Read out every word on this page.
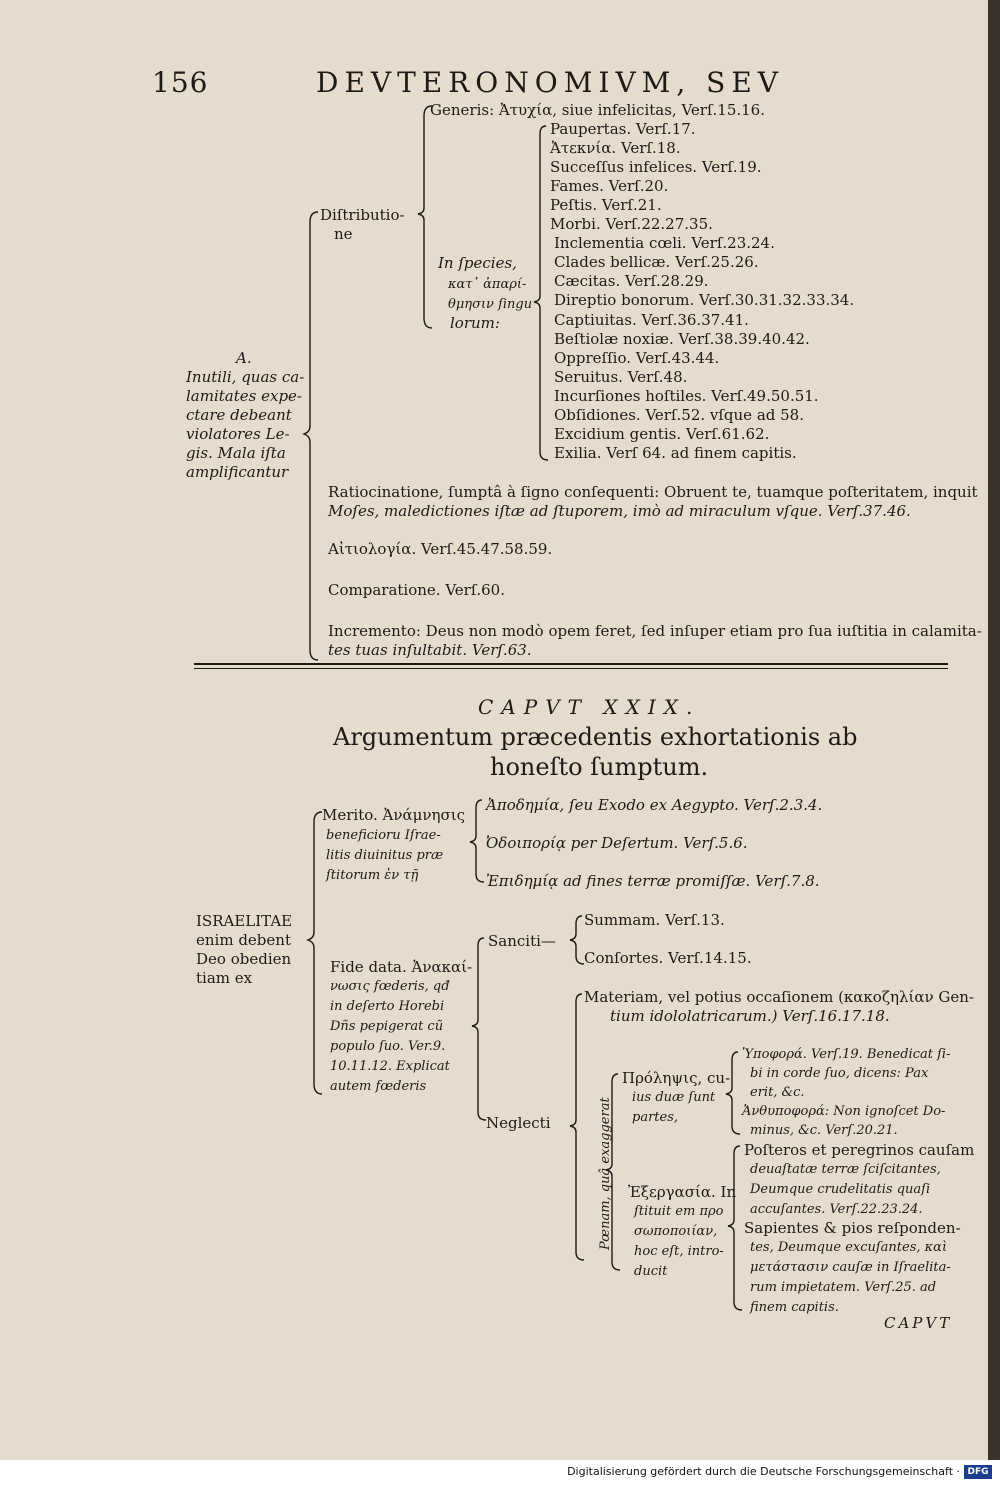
156	DEVTERONOMIVM, SEV
Generis: Ἀτυχία, siue infelicitas, Verſ.15.16.
Diſtributio-
ne
In ſpecies,
κατ᾽ ἀπαρί-
θμησιν ſingu
lorum:
Paupertas. Verſ.17.
Ἀτεκνία. Verſ.18.
Succeſſus infelices. Verſ.19.
Fames. Verſ.20.
Peſtis. Verſ.21.
Morbi. Verſ.22.27.35.
Inclementia cœli. Verſ.23.24.
Clades bellicæ. Verſ.25.26.
Cæcitas. Verſ.28.29.
Direptio bonorum. Verſ.30.31.32.33.34.
Captiuitas. Verſ.36.37.41.
Beſtiolæ noxiæ. Verſ.38.39.40.42.
Oppreſſio. Verſ.43.44.
Seruitus. Verſ.48.
Incurſiones hoſtiles. Verſ.49.50.51.
Obſidiones. Verſ.52. vſque ad 58.
Excidium gentis. Verſ.61.62.
Exilia. Verſ 64. ad finem capitis.
A.
Inutili, quas ca-
lamitates expe-
ctare debeant
violatores Le-
gis. Mala iſta
amplificantur
Ratiocinatione, ſumptâ à ſigno conſequenti: Obruent te, tuamque poſteritatem, inquit
Moſes, maledictiones iſtæ ad ſtuporem, imò ad miraculum vſque. Verſ.37.46.
Αἰτιολογία. Verſ.45.47.58.59.
Comparatione. Verſ.60.
Incremento: Deus non modò opem feret, ſed inſuper etiam pro ſua iuſtitia in calamita-
tes tuas inſultabit. Verſ.63.
CAPVT XXIX.
Argumentum præcedentis exhortationis ab
honeſto ſumptum.
ISRAELITAE
enim debent
Deo obedien
tiam ex
Merito. Ἀνάμνησις
beneficioru Iſrae-
litis diuinitus præ
ſtitorum ἐν τῇ
Ἀποδημία, ſeu Exodo ex Aegypto. Verſ.2.3.4.
Ὀδοιπορίᾳ per Deſertum. Verſ.5.6.
Ἐπιδημίᾳ ad fines terræ promiſſæ. Verſ.7.8.
Fide data. Ἀνακαί-
νωσις fœderis, qđ
in deſerto Horebi
Dñs pepigerat cũ
populo ſuo. Ver.9.
10.11.12. Explicat
autem fœderis
Sanciti—
Summam. Verſ.13.
Conſortes. Verſ.14.15.
Materiam, vel potius occaſionem (κακοζηλίαν Gen-
tium idololatricarum.) Verſ.16.17.18.
Neglecti	Pœnam, quâ exaggerat
Πρόληψις, cu-
ius duæ ſunt
partes,
Ὑποφορά. Verſ.19. Benedicat ſi-
bi in corde ſuo, dicens: Pax
erit, &c.
Ἀνθυποφορά: Non ignoſcet Do-
minus, &c. Verſ.20.21.
Ἐξεργασία. In
ſtituit em προ
σωποποιίαν,
hoc eſt, intro-
ducit
Poſteros et peregrinos cauſam
deuaſtatæ terræ ſciſcitantes,
Deumque crudelitatis quaſi
accuſantes. Verſ.22.23.24.
Sapientes & pios reſponden-
tes, Deumque excuſantes, καὶ
μετάστασιν cauſæ in Iſraelita-
rum impietatem. Verſ.25. ad
finem capitis.
CAPVT
Digitalisierung gefördert durch die Deutsche Forschungsgemeinschaft · DFG
